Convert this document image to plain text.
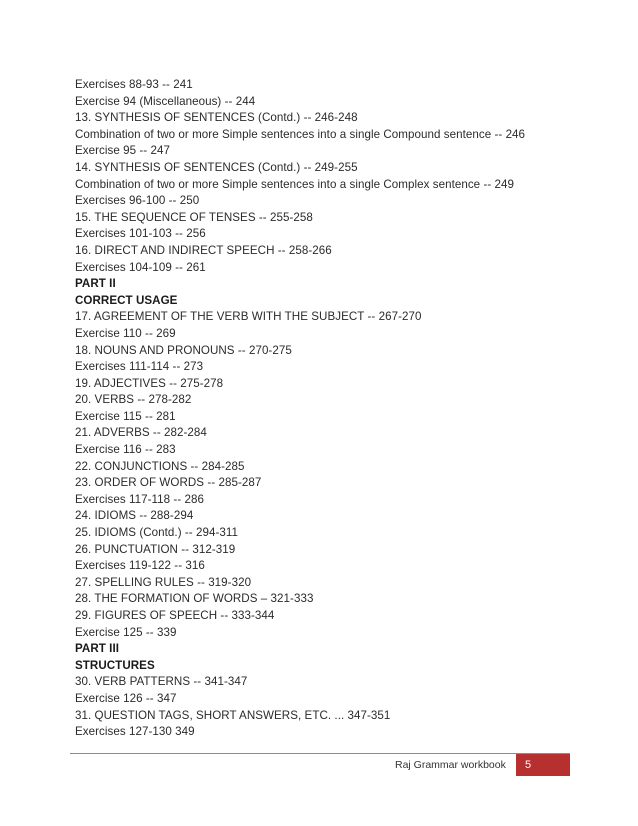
Exercises 88-93 -- 241
Exercise 94 (Miscellaneous) -- 244
13. SYNTHESIS OF SENTENCES (Contd.) -- 246-248
Combination of two or more Simple sentences into a single Compound sentence -- 246
Exercise 95 -- 247
14. SYNTHESIS OF SENTENCES (Contd.) -- 249-255
Combination of two or more Simple sentences into a single Complex sentence -- 249
Exercises 96-100 -- 250
15. THE SEQUENCE OF TENSES -- 255-258
Exercises 101-103 -- 256
16. DIRECT AND INDIRECT SPEECH -- 258-266
Exercises 104-109 -- 261
PART II
CORRECT USAGE
17. AGREEMENT OF THE VERB WITH THE SUBJECT -- 267-270
Exercise 110 -- 269
18. NOUNS AND PRONOUNS -- 270-275
Exercises 111-114 -- 273
19. ADJECTIVES -- 275-278
20. VERBS -- 278-282
Exercise 115 -- 281
21. ADVERBS -- 282-284
Exercise 116 -- 283
22. CONJUNCTIONS -- 284-285
23. ORDER OF WORDS -- 285-287
Exercises 117-118 -- 286
24. IDIOMS -- 288-294
25. IDIOMS (Contd.) -- 294-311
26. PUNCTUATION -- 312-319
Exercises 119-122 -- 316
27. SPELLING RULES -- 319-320
28. THE FORMATION OF WORDS – 321-333
29. FIGURES OF SPEECH -- 333-344
Exercise 125 -- 339
PART III
STRUCTURES
30. VERB PATTERNS -- 341-347
Exercise 126 -- 347
31. QUESTION TAGS, SHORT ANSWERS, ETC. ... 347-351
Exercises 127-130 349
Raj Grammar workbook	5
